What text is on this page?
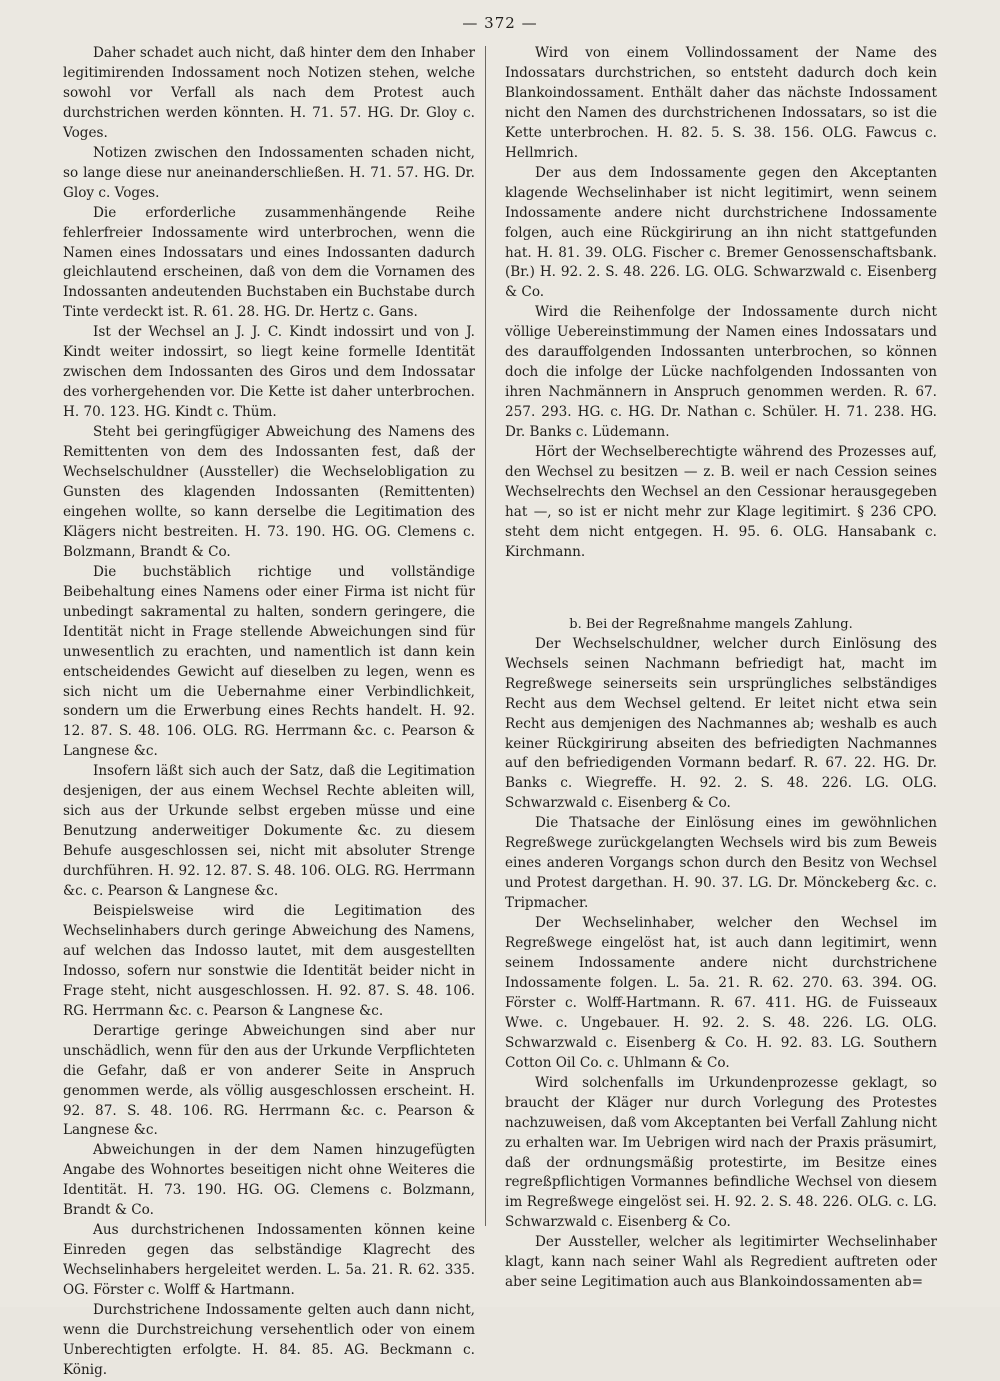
— 372 —

Daher schadet auch nicht, daß hinter dem den Inhaber legitimirenden Indossament noch Notizen stehen, welche sowohl vor Verfall als nach dem Protest auch durchstrichen werden könnten. H. 71. 57. HG. Dr. Gloy c. Voges.

Notizen zwischen den Indossamenten schaden nicht, so lange diese nur aneinanderschließen. H. 71. 57. HG. Dr. Gloy c. Voges.

Die erforderliche zusammenhängende Reihe fehlerfreier Indossamente wird unterbrochen, wenn die Namen eines Indossatars und eines Indossanten dadurch gleichlautend erscheinen, daß von dem die Vornamen des Indossanten andeutenden Buchstaben ein Buchstabe durch Tinte verdeckt ist. R. 61. 28. HG. Dr. Hertz c. Gans.

Ist der Wechsel an J. J. C. Kindt indossirt und von J. Kindt weiter indossirt, so liegt keine formelle Identität zwischen dem Indossanten des Giros und dem Indossatar des vorhergehenden vor. Die Kette ist daher unterbrochen. H. 70. 123. HG. Kindt c. Thüm.

Steht bei geringfügiger Abweichung des Namens des Remittenten von dem des Indossanten fest, daß der Wechselschuldner (Aussteller) die Wechselobligation zu Gunsten des klagenden Indossanten (Remittenten) eingehen wollte, so kann derselbe die Legitimation des Klägers nicht bestreiten. H. 73. 190. HG. OG. Clemens c. Bolzmann, Brandt & Co.

Die buchstäblich richtige und vollständige Beibehaltung eines Namens oder einer Firma ist nicht für unbedingt sakramental zu halten, sondern geringere, die Identität nicht in Frage stellende Abweichungen sind für unwesentlich zu erachten, und namentlich ist dann kein entscheidendes Gewicht auf dieselben zu legen, wenn es sich nicht um die Uebernahme einer Verbindlichkeit, sondern um die Erwerbung eines Rechts handelt. H. 92. 12. 87. S. 48. 106. OLG. RG. Herrmann &c. c. Pearson & Langnese &c.

Insofern läßt sich auch der Satz, daß die Legitimation desjenigen, der aus einem Wechsel Rechte ableiten will, sich aus der Urkunde selbst ergeben müsse und eine Benutzung anderweitiger Dokumente &c. zu diesem Behufe ausgeschlossen sei, nicht mit absoluter Strenge durchführen. H. 92. 12. 87. S. 48. 106. OLG. RG. Herrmann &c. c. Pearson & Langnese &c.

Beispielsweise wird die Legitimation des Wechselinhabers durch geringe Abweichung des Namens, auf welchen das Indosso lautet, mit dem ausgestellten Indosso, sofern nur sonstwie die Identität beider nicht in Frage steht, nicht ausgeschlossen. H. 92. 87. S. 48. 106. RG. Herrmann &c. c. Pearson & Langnese &c.

Derartige geringe Abweichungen sind aber nur unschädlich, wenn für den aus der Urkunde Verpflichteten die Gefahr, daß er von anderer Seite in Anspruch genommen werde, als völlig ausgeschlossen erscheint. H. 92. 87. S. 48. 106. RG. Herrmann &c. c. Pearson & Langnese &c.

Abweichungen in der dem Namen hinzugefügten Angabe des Wohnortes beseitigen nicht ohne Weiteres die Identität. H. 73. 190. HG. OG. Clemens c. Bolzmann, Brandt & Co.

Aus durchstrichenen Indossamenten können keine Einreden gegen das selbständige Klagrecht des Wechselinhabers hergeleitet werden. L. 5a. 21. R. 62. 335. OG. Förster c. Wolff & Hartmann.

Durchstrichene Indossamente gelten auch dann nicht, wenn die Durchstreichung versehentlich oder von einem Unberechtigten erfolgte. H. 84. 85. AG. Beckmann c. König.

Wird von einem Vollindossament der Name des Indossatars durchstrichen, so entsteht dadurch doch kein Blankoindossament. Enthält daher das nächste Indossament nicht den Namen des durchstrichenen Indossatars, so ist die Kette unterbrochen. H. 82. 5. S. 38. 156. OLG. Fawcus c. Hellmrich.

Der aus dem Indossamente gegen den Akceptanten klagende Wechselinhaber ist nicht legitimirt, wenn seinem Indossamente andere nicht durchstrichene Indossamente folgen, auch eine Rückgirirung an ihn nicht stattgefunden hat. H. 81. 39. OLG. Fischer c. Bremer Genossenschaftsbank. (Br.) H. 92. 2. S. 48. 226. LG. OLG. Schwarzwald c. Eisenberg & Co.

Wird die Reihenfolge der Indossamente durch nicht völlige Uebereinstimmung der Namen eines Indossatars und des darauffolgenden Indossanten unterbrochen, so können doch die infolge der Lücke nachfolgenden Indossanten von ihren Nachmännern in Anspruch genommen werden. R. 67. 257. 293. HG. c. HG. Dr. Nathan c. Schüler. H. 71. 238. HG. Dr. Banks c. Lüdemann.

Hört der Wechselberechtigte während des Prozesses auf, den Wechsel zu besitzen — z. B. weil er nach Cession seines Wechselrechts den Wechsel an den Cessionar herausgegeben hat —, so ist er nicht mehr zur Klage legitimirt. § 236 CPO. steht dem nicht entgegen. H. 95. 6. OLG. Hansabank c. Kirchmann.

b. Bei der Regreßnahme mangels Zahlung.

Der Wechselschuldner, welcher durch Einlösung des Wechsels seinen Nachmann befriedigt hat, macht im Regreßwege seinerseits sein ursprüngliches selbständiges Recht aus dem Wechsel geltend. Er leitet nicht etwa sein Recht aus demjenigen des Nachmannes ab; weshalb es auch keiner Rückgirirung abseiten des befriedigten Nachmannes auf den befriedigenden Vormann bedarf. R. 67. 22. HG. Dr. Banks c. Wiegreffe. H. 92. 2. S. 48. 226. LG. OLG. Schwarzwald c. Eisenberg & Co.

Die Thatsache der Einlösung eines im gewöhnlichen Regreßwege zurückgelangten Wechsels wird bis zum Beweis eines anderen Vorgangs schon durch den Besitz von Wechsel und Protest dargethan. H. 90. 37. LG. Dr. Mönckeberg &c. c. Tripmacher.

Der Wechselinhaber, welcher den Wechsel im Regreßwege eingelöst hat, ist auch dann legitimirt, wenn seinem Indossamente andere nicht durchstrichene Indossamente folgen. L. 5a. 21. R. 62. 270. 63. 394. OG. Förster c. Wolff-Hartmann. R. 67. 411. HG. de Fuisseaux Wwe. c. Ungebauer. H. 92. 2. S. 48. 226. LG. OLG. Schwarzwald c. Eisenberg & Co. H. 92. 83. LG. Southern Cotton Oil Co. c. Uhlmann & Co.

Wird solchenfalls im Urkundenprozesse geklagt, so braucht der Kläger nur durch Vorlegung des Protestes nachzuweisen, daß vom Akceptanten bei Verfall Zahlung nicht zu erhalten war. Im Uebrigen wird nach der Praxis präsumirt, daß der ordnungsmäßig protestirte, im Besitze eines regreßpflichtigen Vormannes befindliche Wechsel von diesem im Regreßwege eingelöst sei. H. 92. 2. S. 48. 226. OLG. c. LG. Schwarzwald c. Eisenberg & Co.

Der Aussteller, welcher als legitimirter Wechselinhaber klagt, kann nach seiner Wahl als Regredient auftreten oder aber seine Legitimation auch aus Blankoindossamenten ab=
